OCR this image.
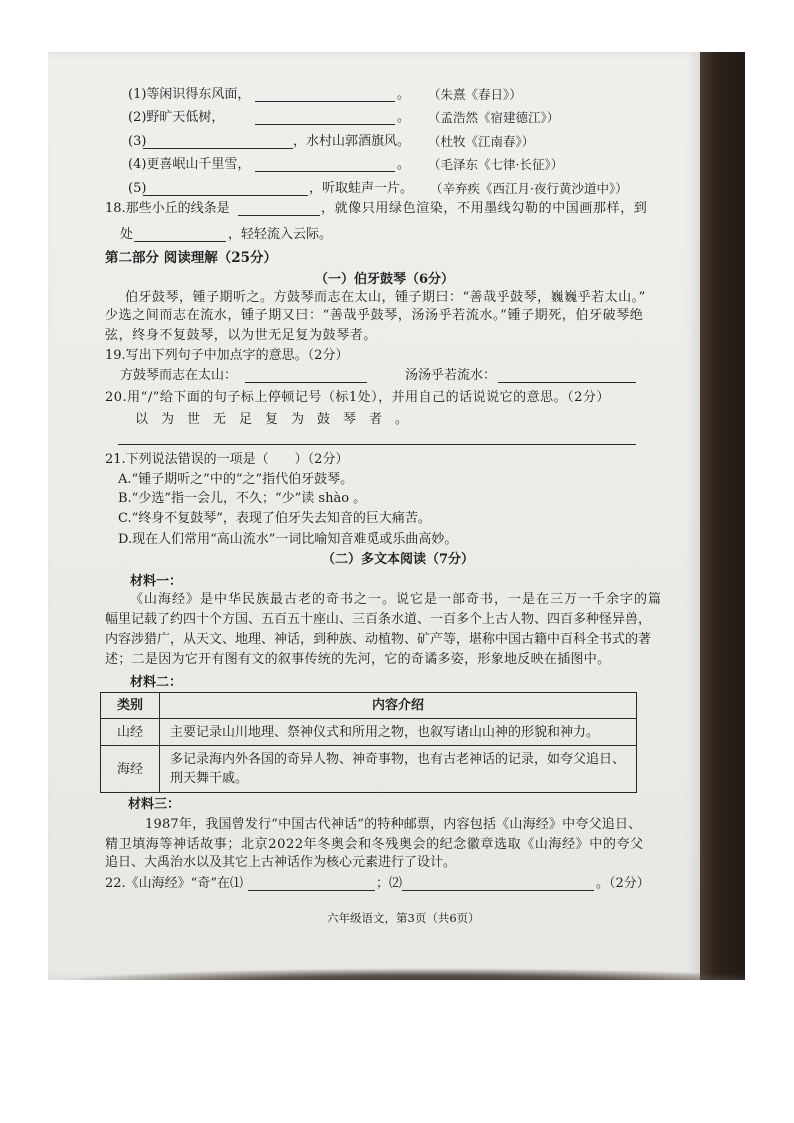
(1)等闲识得东风面，	。 （朱熹《春日》）
(2)野旷天低树，	。 （孟浩然《宿建德江》）
(3)	，水村山郭酒旗风。 （杜牧《江南春》）
(4)更喜岷山千里雪，	。 （毛泽东《七律·长征》）
(5)	，听取蛙声一片。 （辛弃疾《西江月·夜行黄沙道中》）
18.那些小丘的线条是	，就像只用绿色渲染，不用墨线勾勒的中国画那样，到
处	，轻轻流入云际。
第二部分 阅读理解（25分）
（一）伯牙鼓琴（6分）
伯牙鼓琴，锺子期听之。方鼓琴而志在太山，锺子期曰：“善哉乎鼓琴，巍巍乎若太山。”
少选之间而志在流水，锺子期又曰：“善哉乎鼓琴，汤汤乎若流水。”锺子期死，伯牙破琴绝
弦，终身不复鼓琴，以为世无足复为鼓琴者。
19.写出下列句子中加点字的意思。（2分）
方鼓琴而志在太山：	汤汤乎若流水：
20.用“/”给下面的句子标上停顿记号（标1处），并用自己的话说说它的意思。（2分）
以为世无足复为鼓琴者。
21.下列说法错误的一项是（　　）（2分）
A.“锺子期听之”中的“之”指代伯牙鼓琴。
B.“少选”指一会儿，不久；“少”读 shào 。
C.“终身不复鼓琴”，表现了伯牙失去知音的巨大痛苦。
D.现在人们常用“高山流水”一词比喻知音难觅或乐曲高妙。
（二）多文本阅读（7分）
材料一：
《山海经》是中华民族最古老的奇书之一。说它是一部奇书，一是在三万一千余字的篇
幅里记载了约四十个方国、五百五十座山、三百条水道、一百多个上古人物、四百多种怪异兽，
内容涉猎广，从天文、地理、神话，到种族、动植物、矿产等，堪称中国古籍中百科全书式的著
述；二是因为它开有图有文的叙事传统的先河，它的奇谲多姿，形象地反映在插图中。
材料二：
类别	内容介绍
山经	主要记录山川地理、祭神仪式和所用之物，也叙写诸山山神的形貌和神力。

海经	多记录海内外各国的奇异人物、神奇事物，也有古老神话的记录，如夸父追日、
刑天舞干戚。
材料三：
1987年，我国曾发行“中国古代神话”的特种邮票，内容包括《山海经》中夸父追日、
精卫填海等神话故事；北京2022年冬奥会和冬残奥会的纪念徽章选取《山海经》中的夸父
追日、大禹治水以及其它上古神话作为核心元素进行了设计。
22.《山海经》“奇”在⑴	；⑵	。（2分）
六年级语文，第3页（共6页）
